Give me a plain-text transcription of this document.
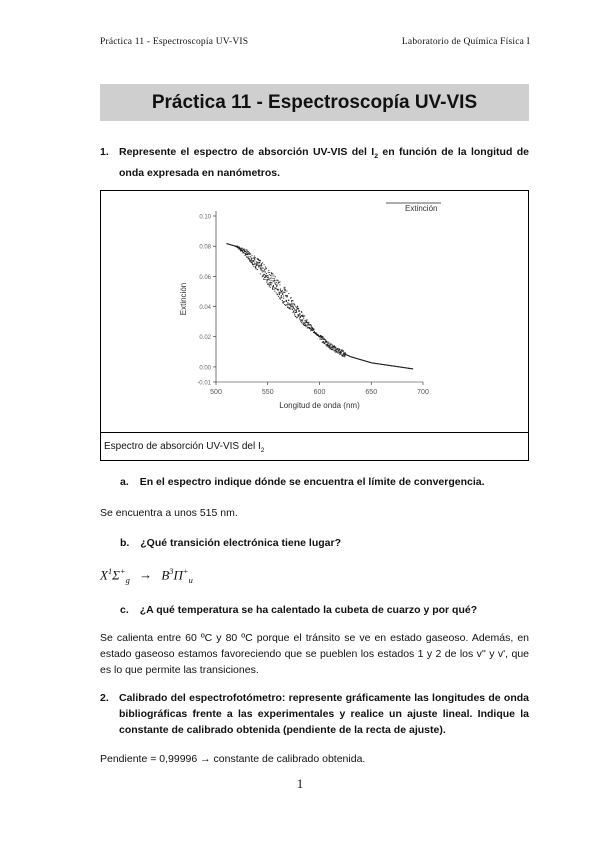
Práctica 11 - Espectroscopía UV-VIS	Laboratorio de Química Física I
Práctica 11 - Espectroscopía UV-VIS
1. Represente el espectro de absorción UV-VIS del $I_2$ en función de la longitud de onda expresada en nanómetros.
500	550	600	650	700
-0.01
0.00
0.02
0.04
0.06
0.08
0.10
Longitud de onda (nm)
Extinción
Extinción
Espectro de absorción UV-VIS del $I_2$
a. En el espectro indique dónde se encuentra el límite de convergencia.
Se encuentra a unos 515 nm.
b. ¿Qué transición electrónica tiene lugar?
$X^1\Sigma^+_g \to B^3\Pi^+_u$
c. ¿A qué temperatura se ha calentado la cubeta de cuarzo y por qué?
Se calienta entre 60 ºC y 80 ºC porque el tránsito se ve en estado gaseoso. Además, en estado gaseoso estamos favoreciendo que se pueblen los estados 1 y 2 de los v'' y v', que es lo que permite las transiciones.
2. Calibrado del espectrofotómetro: represente gráficamente las longitudes de onda bibliográficas frente a las experimentales y realice un ajuste lineal. Indique la constante de calibrado obtenida (pendiente de la recta de ajuste).
Pendiente = 0,99996 → constante de calibrado obtenida.
1
